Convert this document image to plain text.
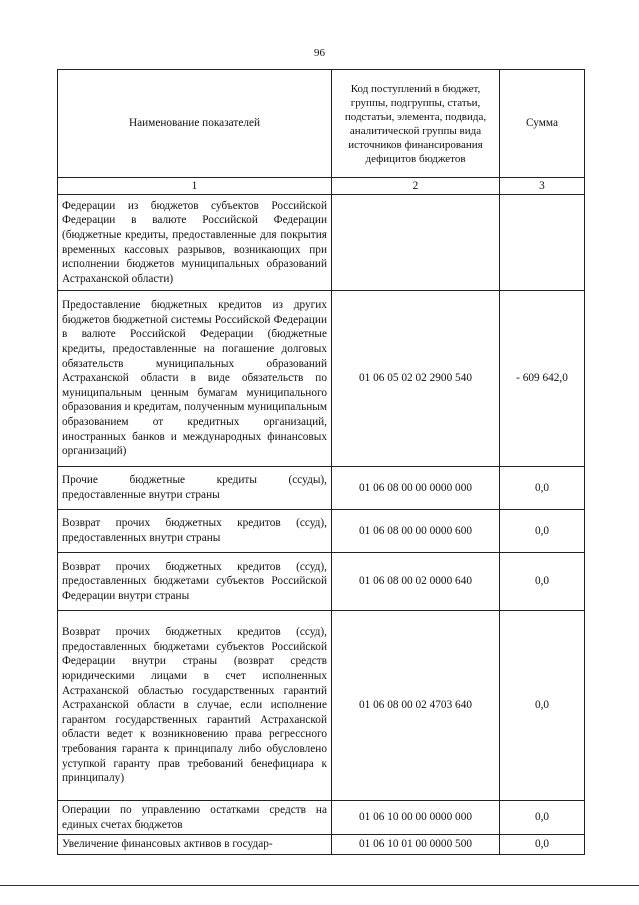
96
Наименование показателей	Код поступлений в бюджет, группы, подгруппы, статьи, подстатьи, элемента, подвида, аналитической группы вида источников финансирования дефицитов бюджетов	Сумма
1	2	3
Федерации из бюджетов субъектов Российской Федерации в валюте Российской Федерации (бюджетные кредиты, предоставленные для покрытия временных кассовых разрывов, возникающих при исполнении бюджетов муниципальных образований Астраханской области)		
Предоставление бюджетных кредитов из других бюджетов бюджетной системы Российской Федерации в валюте Российской Федерации (бюджетные кредиты, предоставленные на погашение долговых обязательств муниципальных образований Астраханской области в виде обязательств по муниципальным ценным бумагам муниципального образования и кредитам, полученным муниципальным образованием от кредитных организаций, иностранных банков и международных финансовых организаций)	01 06 05 02 02 2900 540	- 609 642,0
Прочие бюджетные кредиты (ссуды), предоставленные внутри страны	01 06 08 00 00 0000 000	0,0
Возврат прочих бюджетных кредитов (ссуд), предоставленных внутри страны	01 06 08 00 00 0000 600	0,0
Возврат прочих бюджетных кредитов (ссуд), предоставленных бюджетами субъектов Российской Федерации внутри страны	01 06 08 00 02 0000 640	0,0
Возврат прочих бюджетных кредитов (ссуд), предоставленных бюджетами субъектов Российской Федерации внутри страны (возврат средств юридическими лицами в счет исполненных Астраханской областью государственных гарантий Астраханской области в случае, если исполнение гарантом государственных гарантий Астраханской области ведет к возникновению права регрессного требования гаранта к принципалу либо обусловлено уступкой гаранту прав требований бенефициара к принципалу)	01 06 08 00 02 4703 640	0,0
Операции по управлению остатками средств на единых счетах бюджетов	01 06 10 00 00 0000 000	0,0
Увеличение финансовых активов в государ-	01 06 10 01 00 0000 500	0,0
